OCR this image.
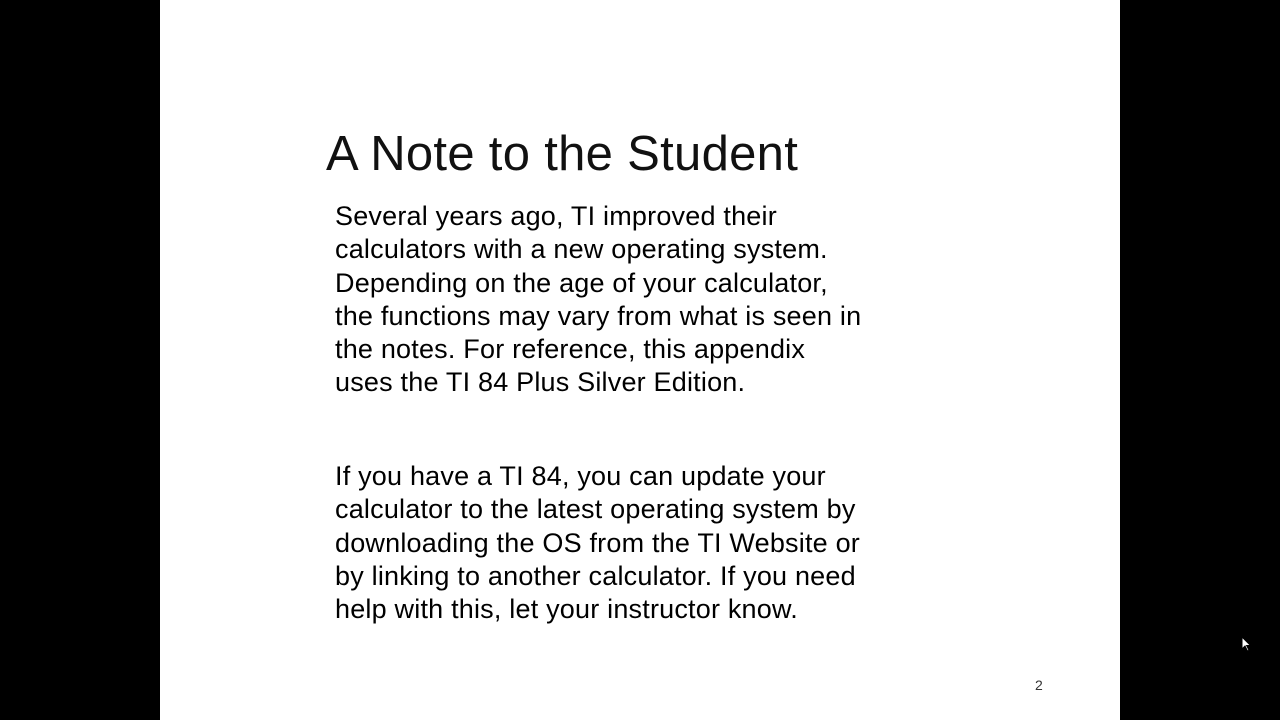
A Note to the Student
Several years ago, TI improved their
calculators with a new operating system.
Depending on the age of your calculator,
the functions may vary from what is seen in
the notes. For reference, this appendix
uses the TI 84 Plus Silver Edition.
If you have a TI 84, you can update your
calculator to the latest operating system by
downloading the OS from the TI Website or
by linking to another calculator. If you need
help with this, let your instructor know.
2
